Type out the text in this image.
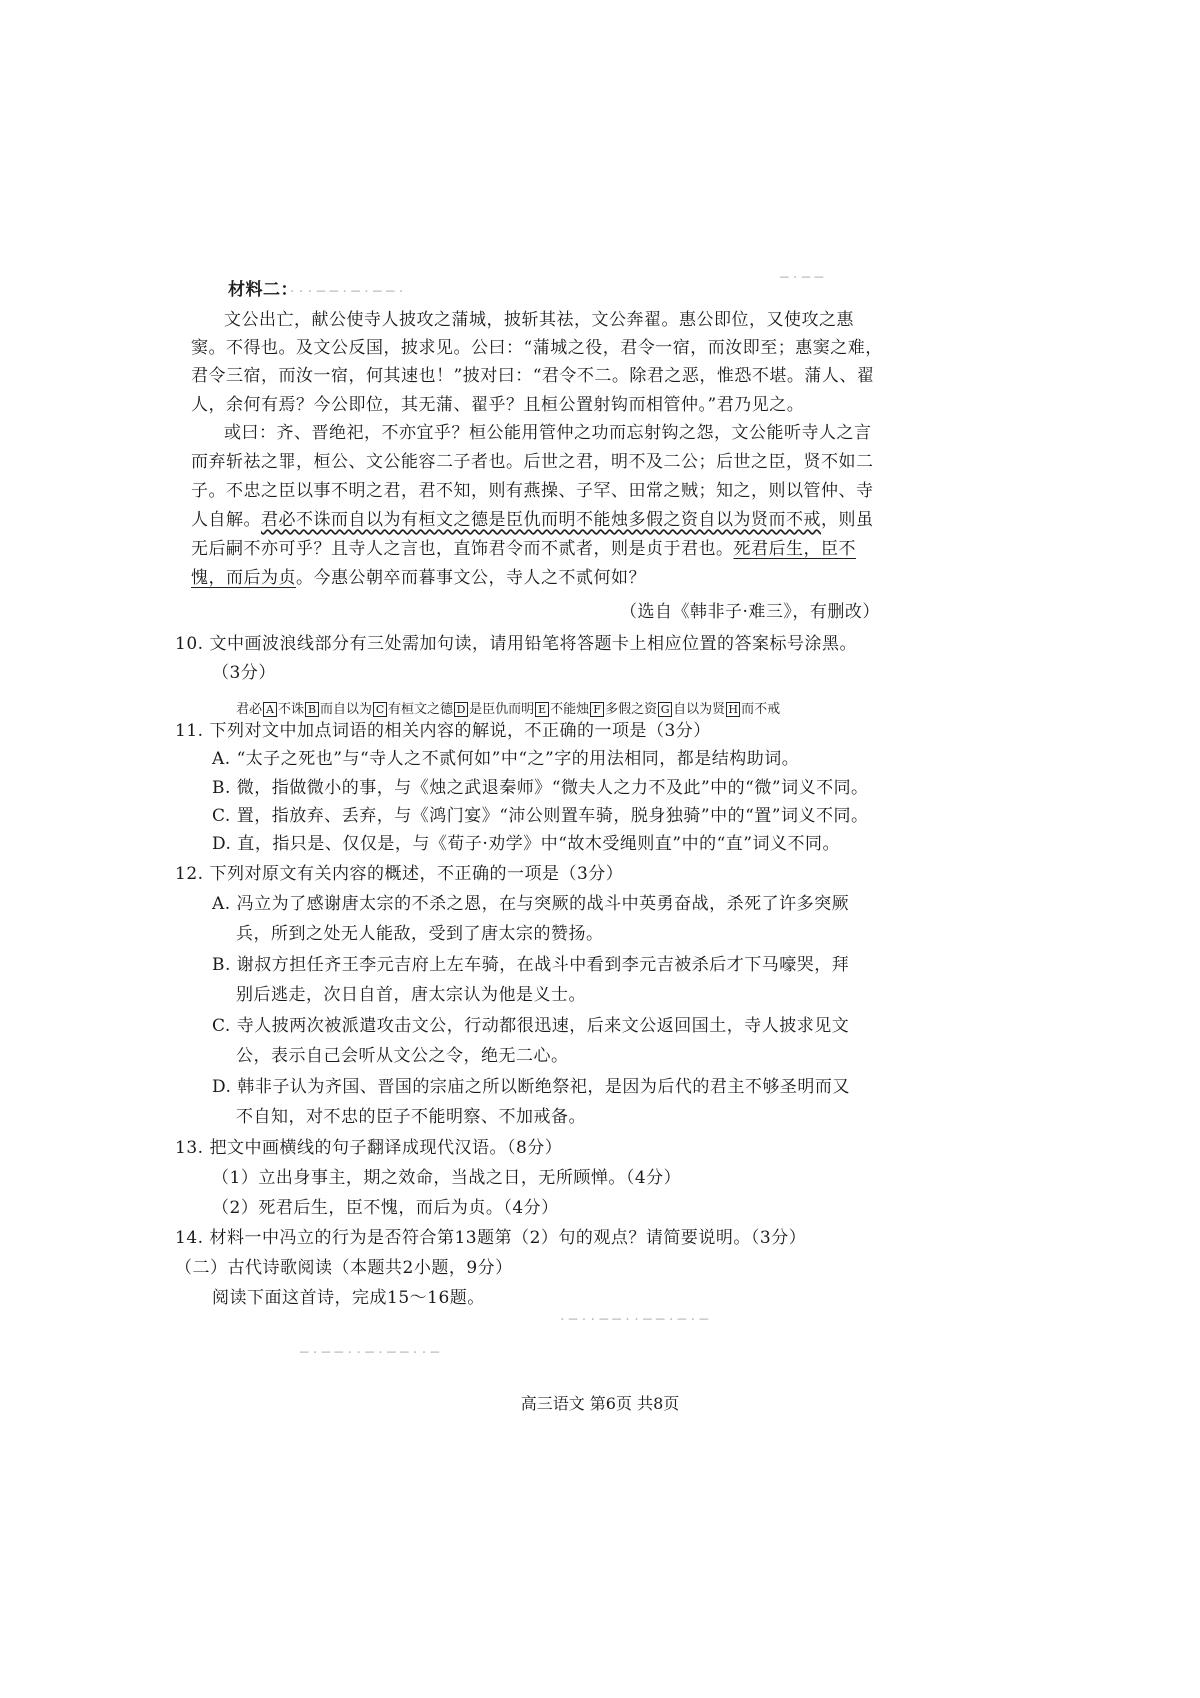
· · · ─ ─ · ─ · ─ ─ ·
─ · ─ ─
材料二：
文公出亡，献公使寺人披攻之蒲城，披斩其祛，文公奔翟。惠公即位，又使攻之惠
窦。不得也。及文公反国，披求见。公曰：“蒲城之役，君令一宿，而汝即至；惠窦之难，
君令三宿，而汝一宿，何其速也！”披对曰：“君令不二。除君之恶，惟恐不堪。蒲人、翟
人，余何有焉？今公即位，其无蒲、翟乎？且桓公置射钩而相管仲。”君乃见之。
或曰：齐、晋绝祀，不亦宜乎？桓公能用管仲之功而忘射钩之怨，文公能听寺人之言
而弃斩祛之罪，桓公、文公能容二子者也。后世之君，明不及二公；后世之臣，贤不如二
子。不忠之臣以事不明之君，君不知，则有燕操、子罕、田常之贼；知之，则以管仲、寺
人自解。君必不诛而自以为有桓文之德是臣仇而明不能烛多假之资自以为贤而不戒，则虽
无后嗣不亦可乎？且寺人之言也，直饰君令而不贰者，则是贞于君也。死君后生，臣不
愧，而后为贞。今惠公朝卒而暮事文公，寺人之不贰何如？
（选自《韩非子·难三》，有删改）
10. 文中画波浪线部分有三处需加句读，请用铅笔将答题卡上相应位置的答案标号涂黑。
（3分）
君必 A 不诛 B 而自以为 C 有桓文之德 D 是臣仇而明 E 不能烛 F 多假之资 G 自以为贤 H 而不戒
11. 下列对文中加点词语的相关内容的解说，不正确的一项是（3分）
A. “太子之死也”与“寺人之不贰何如”中“之”字的用法相同，都是结构助词。
B. 微，指做微小的事，与《烛之武退秦师》“微夫人之力不及此”中的“微”词义不同。
C. 置，指放弃、丢弃，与《鸿门宴》“沛公则置车骑，脱身独骑”中的“置”词义不同。
D. 直，指只是、仅仅是，与《荀子·劝学》中“故木受绳则直”中的“直”词义不同。
12. 下列对原文有关内容的概述，不正确的一项是（3分）
A. 冯立为了感谢唐太宗的不杀之恩，在与突厥的战斗中英勇奋战，杀死了许多突厥
兵，所到之处无人能敌，受到了唐太宗的赞扬。
B. 谢叔方担任齐王李元吉府上左车骑，在战斗中看到李元吉被杀后才下马嚎哭，拜
别后逃走，次日自首，唐太宗认为他是义士。
C. 寺人披两次被派遣攻击文公，行动都很迅速，后来文公返回国土，寺人披求见文
公，表示自己会听从文公之令，绝无二心。
D. 韩非子认为齐国、晋国的宗庙之所以断绝祭祀，是因为后代的君主不够圣明而又
不自知，对不忠的臣子不能明察、不加戒备。
13. 把文中画横线的句子翻译成现代汉语。（8分）
（1）立出身事主，期之效命，当战之日，无所顾惮。（4分）
（2）死君后生，臣不愧，而后为贞。（4分）
14. 材料一中冯立的行为是否符合第13题第（2）句的观点？请简要说明。（3分）
（二）古代诗歌阅读（本题共2小题，9分）
阅读下面这首诗，完成15～16题。
· ─ · · ─ ─ · · ─ ─ · ─ · ─
─ · ─ ─ · · ─ · ─ ─ · · ─
高三语文 第6页 共8页
